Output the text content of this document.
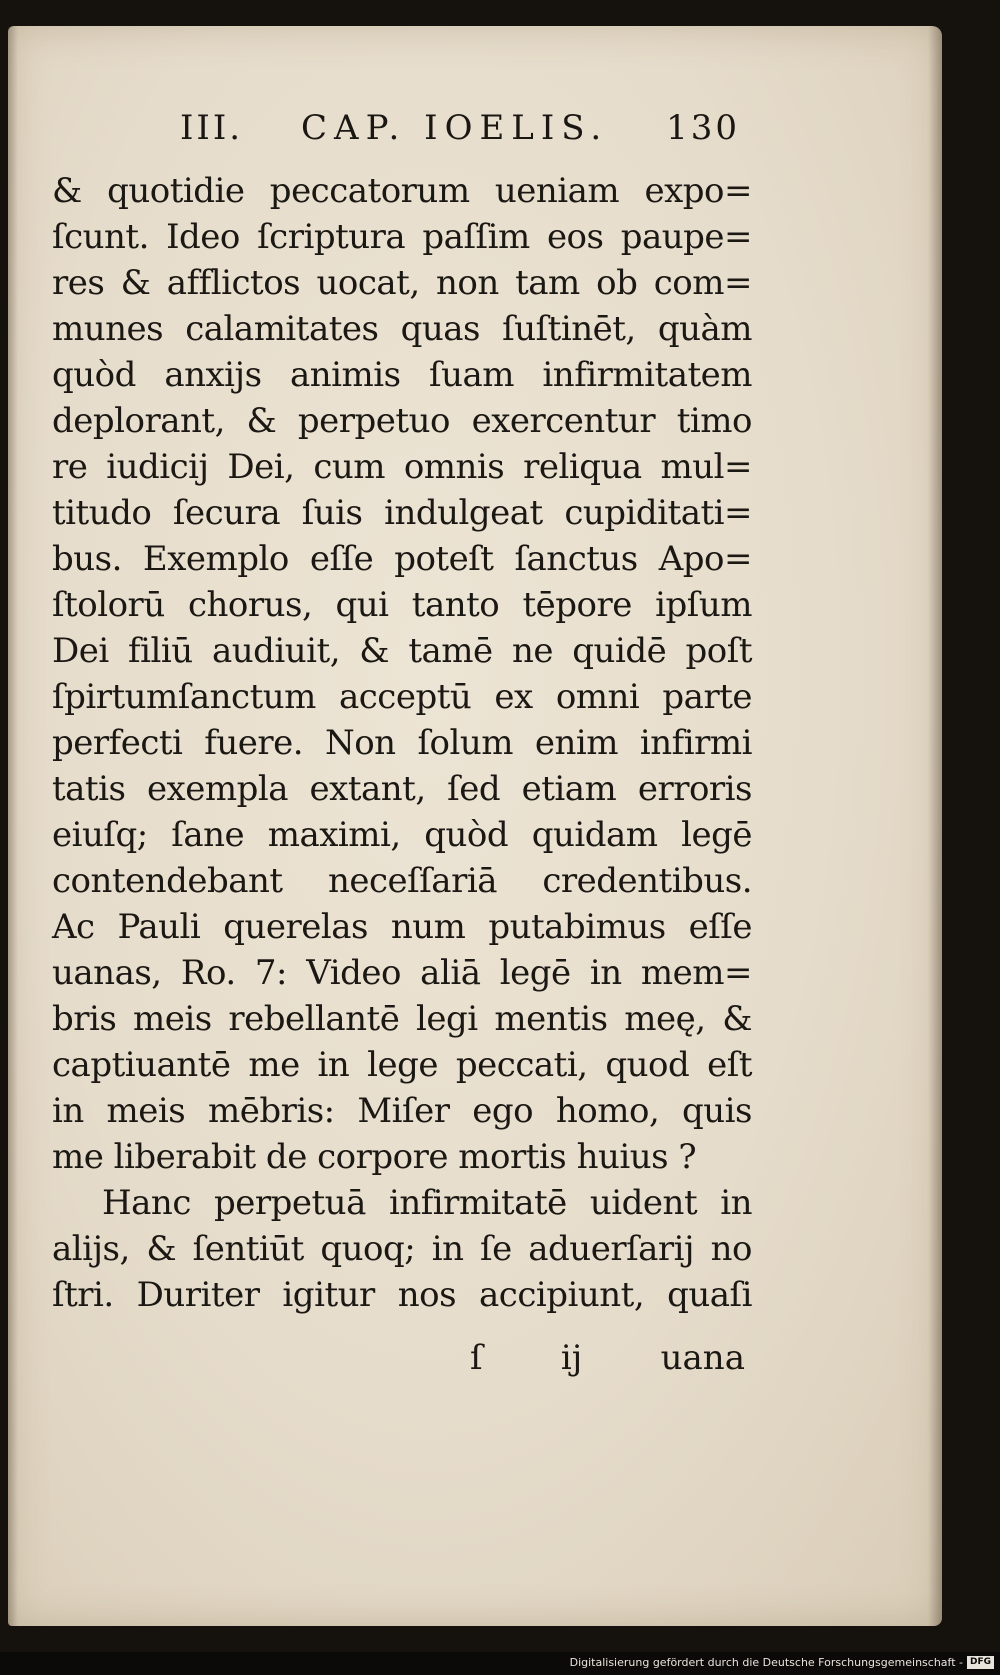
III. CAP. IOELIS. 130
& quotidie peccatorum ueniam expo=
ſcunt. Ideo ſcriptura paſſim eos paupe=
res & afflictos uocat, non tam ob com=
munes calamitates quas ſuſtinēt, quàm
quòd anxijs animis ſuam infirmitatem
deplorant, & perpetuo exercentur timo
re iudicij Dei, cum omnis reliqua mul=
titudo ſecura ſuis indulgeat cupiditati=
bus. Exemplo eſſe poteſt ſanctus Apo=
ſtolorū chorus, qui tanto tēpore ipſum
Dei filiū audiuit, & tamē ne quidē poſt
ſpirtumſanctum acceptū ex omni parte
perfecti fuere. Non ſolum enim infirmi
tatis exempla extant, ſed etiam erroris
eiuſq; ſane maximi, quòd quidam legē
contendebant neceſſariā credentibus.
Ac Pauli querelas num putabimus eſſe
uanas, Ro. 7: Video aliā legē in mem=
bris meis rebellantē legi mentis meę, &
captiuantē me in lege peccati, quod eſt
in meis mēbris: Miſer ego homo, quis
me liberabit de corpore mortis huius ?
Hanc perpetuā infirmitatē uident in
alijs, & ſentiūt quoq; in ſe aduerſarij no
ſtri. Duriter igitur nos accipiunt, quaſi
ſ ij uana
Digitalisierung gefördert durch die Deutsche Forschungsgemeinschaft - DFG
